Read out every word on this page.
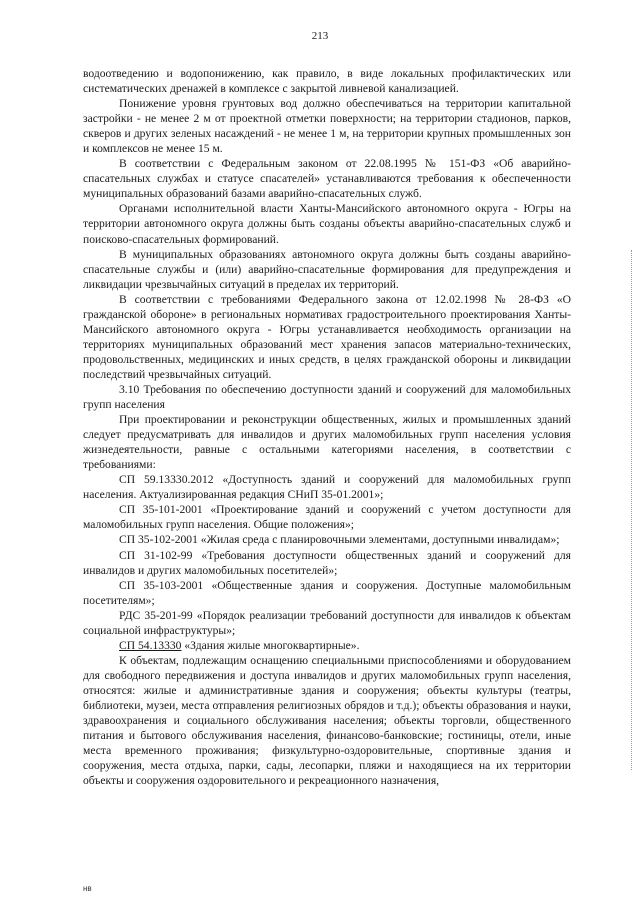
213

водоотведению и водопонижению, как правило, в виде локальных профилактических или систематических дренажей в комплексе с закрытой ливневой канализацией.

Понижение уровня грунтовых вод должно обеспечиваться на территории капитальной застройки - не менее 2 м от проектной отметки поверхности; на территории стадионов, парков, скверов и других зеленых насаждений - не менее 1 м, на территории крупных промышленных зон и комплексов не менее 15 м.

В соответствии с Федеральным законом от 22.08.1995 № 151-ФЗ «Об аварийно-спасательных службах и статусе спасателей» устанавливаются требования к обеспеченности муниципальных образований базами аварийно-спасательных служб.

Органами исполнительной власти Ханты-Мансийского автономного округа - Югры на территории автономного округа должны быть созданы объекты аварийно-спасательных служб и поисково-спасательных формирований.

В муниципальных образованиях автономного округа должны быть созданы аварийно-спасательные службы и (или) аварийно-спасательные формирования для предупреждения и ликвидации чрезвычайных ситуаций в пределах их территорий.

В соответствии с требованиями Федерального закона от 12.02.1998 № 28-ФЗ «О гражданской обороне» в региональных нормативах градостроительного проектирования Ханты-Мансийского автономного округа - Югры устанавливается необходимость организации на территориях муниципальных образований мест хранения запасов материально-технических, продовольственных, медицинских и иных средств, в целях гражданской обороны и ликвидации последствий чрезвычайных ситуаций.

3.10 Требования по обеспечению доступности зданий и сооружений для маломобильных групп населения

При проектировании и реконструкции общественных, жилых и промышленных зданий следует предусматривать для инвалидов и других маломобильных групп населения условия жизнедеятельности, равные с остальными категориями населения, в соответствии с требованиями:

СП 59.13330.2012 «Доступность зданий и сооружений для маломобильных групп населения. Актуализированная редакция СНиП 35-01.2001»;

СП 35-101-2001 «Проектирование зданий и сооружений с учетом доступности для маломобильных групп населения. Общие положения»;

СП 35-102-2001 «Жилая среда с планировочными элементами, доступными инвалидам»;

СП 31-102-99 «Требования доступности общественных зданий и сооружений для инвалидов и других маломобильных посетителей»;

СП 35-103-2001 «Общественные здания и сооружения. Доступные маломобильным посетителям»;

РДС 35-201-99 «Порядок реализации требований доступности для инвалидов к объектам социальной инфраструктуры»;

СП 54.13330 «Здания жилые многоквартирные».

К объектам, подлежащим оснащению специальными приспособлениями и оборудованием для свободного передвижения и доступа инвалидов и других маломобильных групп населения, относятся: жилые и административные здания и сооружения; объекты культуры (театры, библиотеки, музеи, места отправления религиозных обрядов и т.д.); объекты образования и науки, здравоохранения и социального обслуживания населения; объекты торговли, общественного питания и бытового обслуживания населения, финансово-банковские; гостиницы, отели, иные места временного проживания; физкультурно-оздоровительные, спортивные здания и сооружения, места отдыха, парки, сады, лесопарки, пляжи и находящиеся на их территории объекты и сооружения оздоровительного и рекреационного назначения,

нв
